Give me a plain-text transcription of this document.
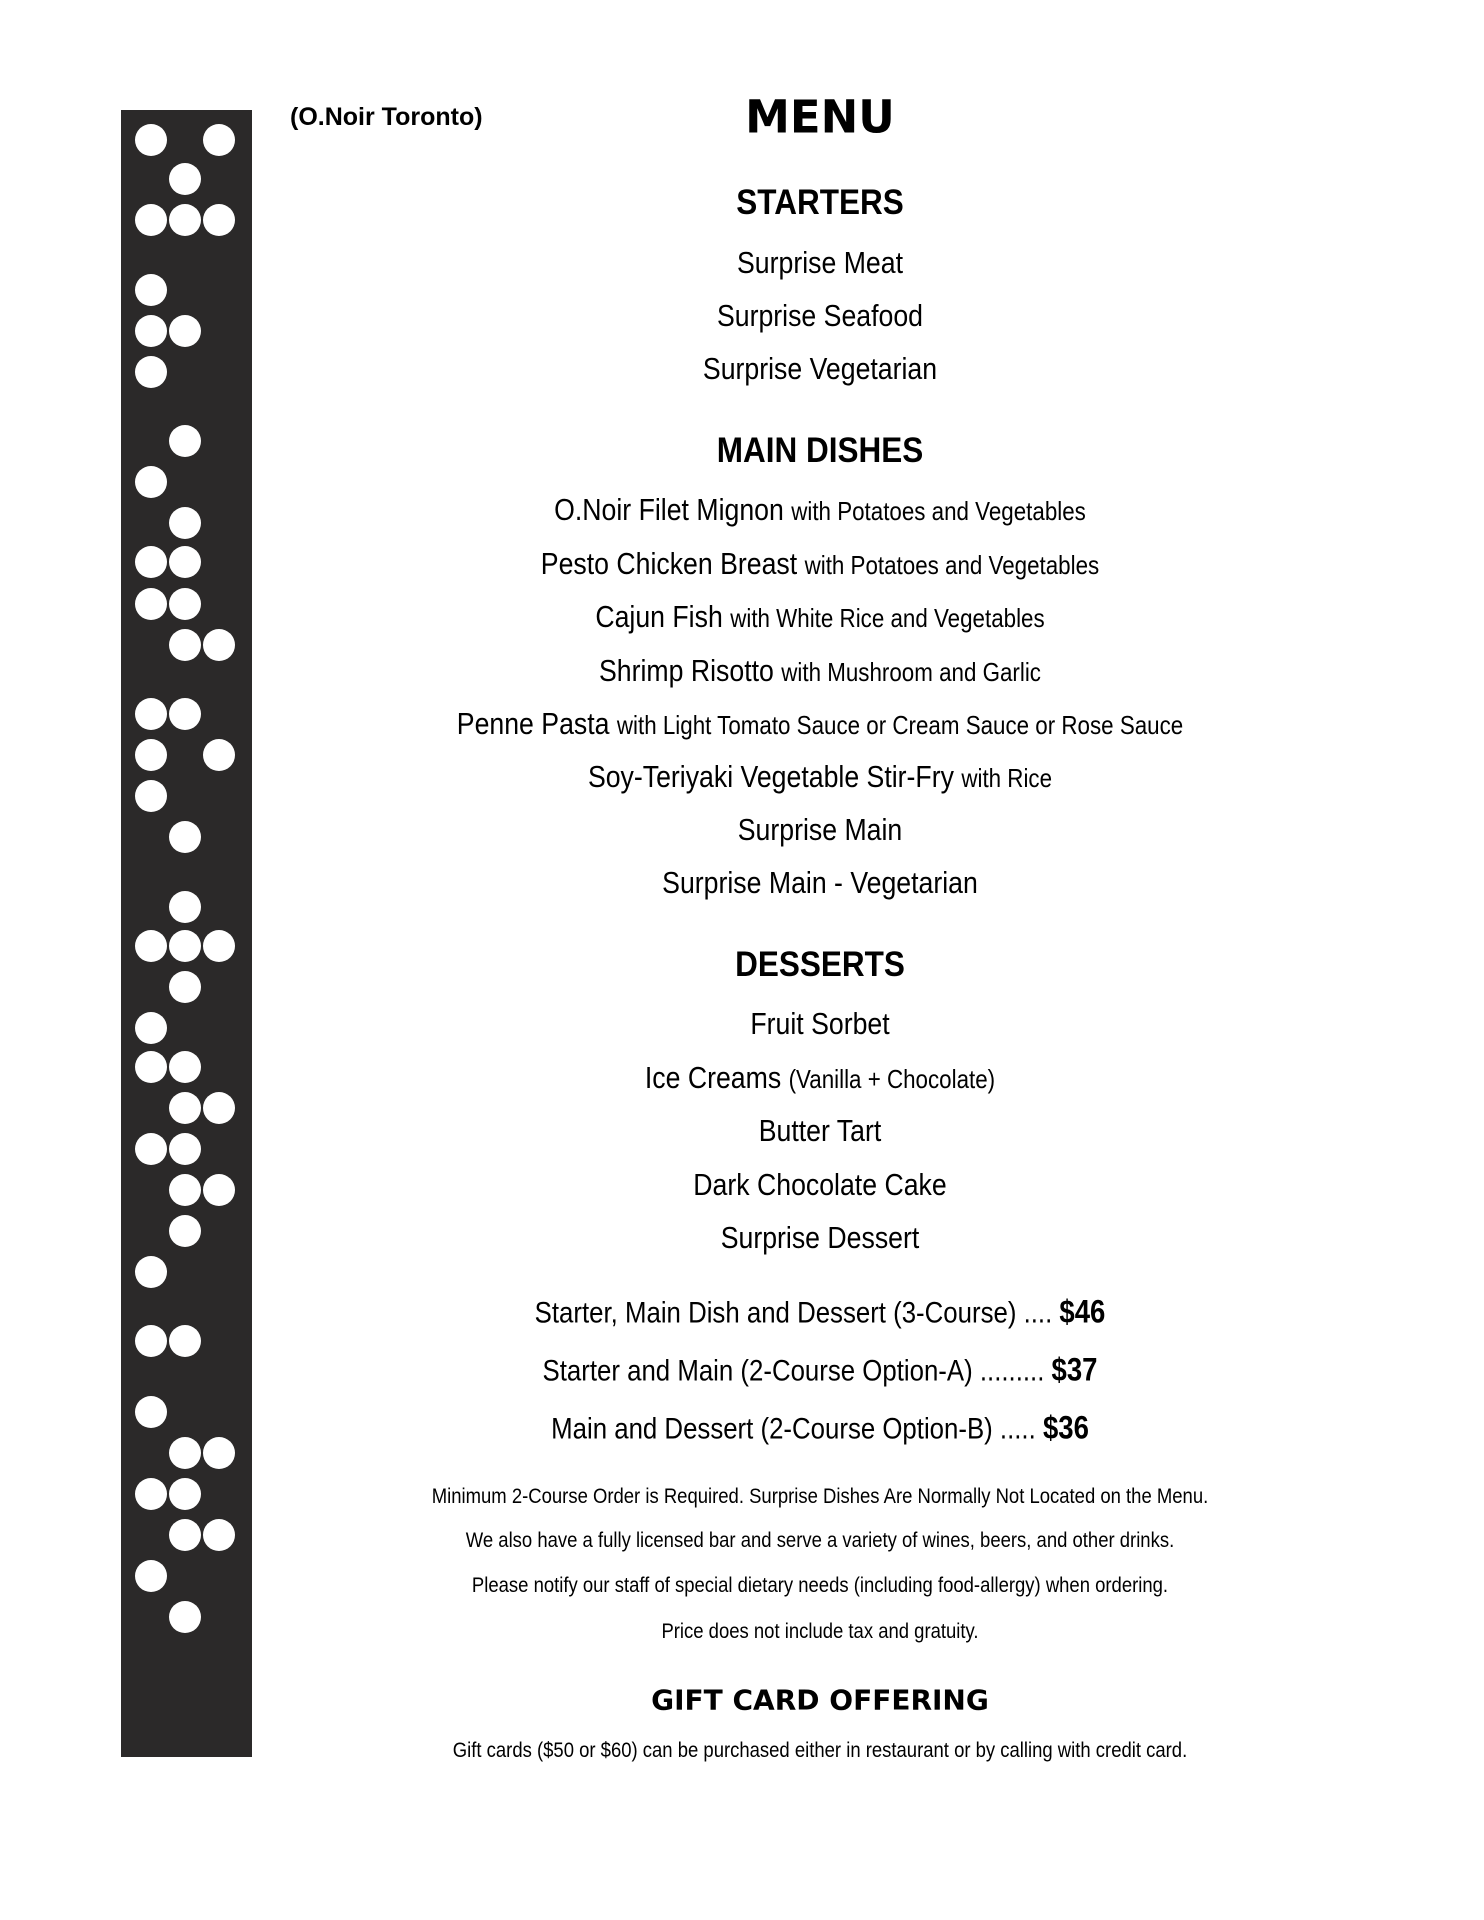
(O.Noir Toronto)	MENU
STARTERS
Surprise Meat
Surprise Seafood
Surprise Vegetarian
MAIN DISHES
O.Noir Filet Mignon with Potatoes and Vegetables
Pesto Chicken Breast with Potatoes and Vegetables
Cajun Fish with White Rice and Vegetables
Shrimp Risotto with Mushroom and Garlic
Penne Pasta with Light Tomato Sauce or Cream Sauce or Rose Sauce
Soy-Teriyaki Vegetable Stir-Fry with Rice
Surprise Main
Surprise Main - Vegetarian
DESSERTS
Fruit Sorbet
Ice Creams (Vanilla + Chocolate)
Butter Tart
Dark Chocolate Cake
Surprise Dessert
Starter, Main Dish and Dessert (3-Course) .... $46
Starter and Main (2-Course Option-A) ......... $37
Main and Dessert (2-Course Option-B) ..... $36
Minimum 2-Course Order is Required. Surprise Dishes Are Normally Not Located on the Menu.
We also have a fully licensed bar and serve a variety of wines, beers, and other drinks.
Please notify our staff of special dietary needs (including food-allergy) when ordering.
Price does not include tax and gratuity.
GIFT CARD OFFERING
Gift cards ($50 or $60) can be purchased either in restaurant or by calling with credit card.
